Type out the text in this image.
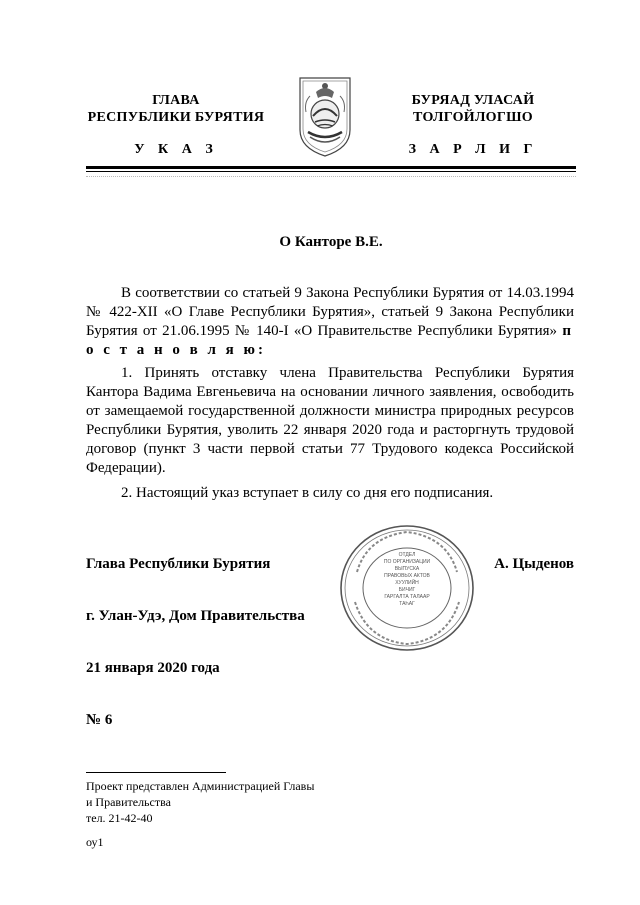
ГЛАВА
РЕСПУБЛИКИ БУРЯТИЯ
БУРЯАД УЛАСАЙ
ТОЛГОЙЛОГШО
У К А З	З А Р Л И Г
О Канторе В.Е.

В соответствии со статьей 9 Закона Республики Бурятия от 14.03.1994 № 422-XII «О Главе Республики Бурятия», статьей 9 Закона Республики Бурятия от 21.06.1995 № 140-I «О Правительстве Республики Бурятия» п о с т а н о в л я ю:

1. Принять отставку члена Правительства Республики Бурятия Кантора Вадима Евгеньевича на основании личного заявления, освободить от замещаемой государственной должности министра природных ресурсов Республики Бурятия, уволить 22 января 2020 года и расторгнуть трудовой договор (пункт 3 части первой статьи 77 Трудового кодекса Российской Федерации).
2. Настоящий указ вступает в силу со дня его подписания.
Глава Республики Бурятия	А. Цыденов
ОТДЕЛ
ПО ОРГАНИЗАЦИИ
ВЫПУСКА
ПРАВОВЫХ АКТОВ
ХУУЛИЙН
БИЧИГ
ГАРГАЛТА ТАЛААР
ТАҺАГ
г. Улан-Удэ, Дом Правительства
21 января 2020 года
№ 6
Проект представлен Администрацией Главы
и Правительства
тел. 21-42-40
оу1
